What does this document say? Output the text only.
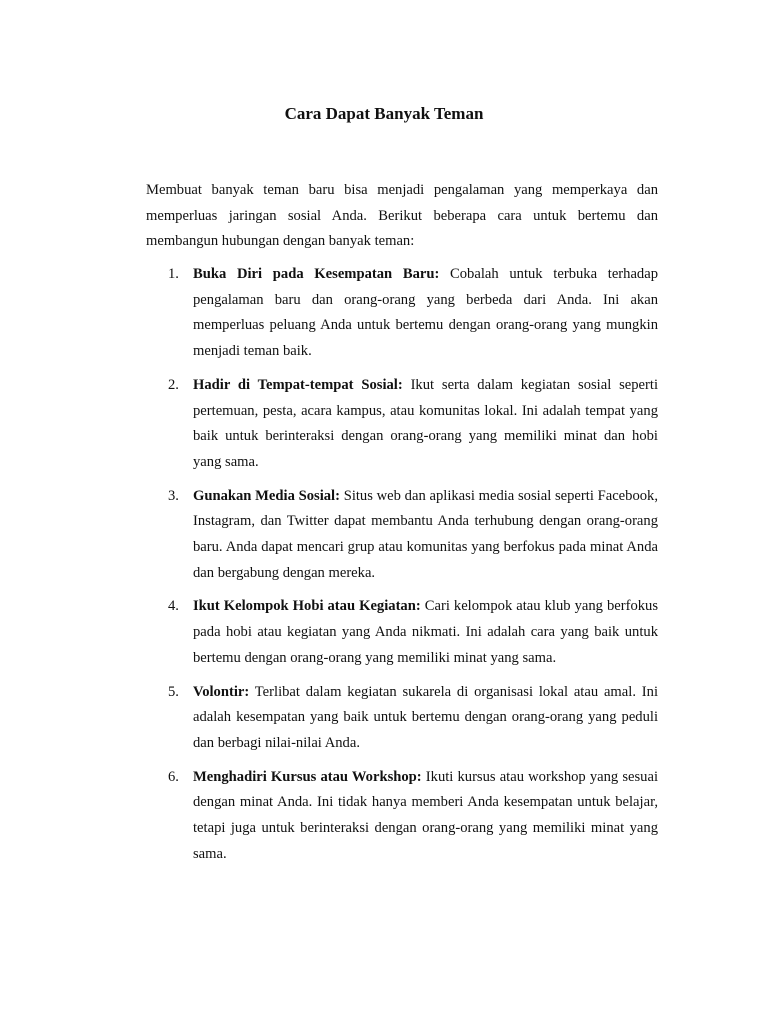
Cara Dapat Banyak Teman

Membuat banyak teman baru bisa menjadi pengalaman yang memperkaya dan memperluas jaringan sosial Anda. Berikut beberapa cara untuk bertemu dan membangun hubungan dengan banyak teman:

1. Buka Diri pada Kesempatan Baru: Cobalah untuk terbuka terhadap pengalaman baru dan orang-orang yang berbeda dari Anda. Ini akan memperluas peluang Anda untuk bertemu dengan orang-orang yang mungkin menjadi teman baik.
2. Hadir di Tempat-tempat Sosial: Ikut serta dalam kegiatan sosial seperti pertemuan, pesta, acara kampus, atau komunitas lokal. Ini adalah tempat yang baik untuk berinteraksi dengan orang-orang yang memiliki minat dan hobi yang sama.
3. Gunakan Media Sosial: Situs web dan aplikasi media sosial seperti Facebook, Instagram, dan Twitter dapat membantu Anda terhubung dengan orang-orang baru. Anda dapat mencari grup atau komunitas yang berfokus pada minat Anda dan bergabung dengan mereka.
4. Ikut Kelompok Hobi atau Kegiatan: Cari kelompok atau klub yang berfokus pada hobi atau kegiatan yang Anda nikmati. Ini adalah cara yang baik untuk bertemu dengan orang-orang yang memiliki minat yang sama.
5. Volontir: Terlibat dalam kegiatan sukarela di organisasi lokal atau amal. Ini adalah kesempatan yang baik untuk bertemu dengan orang-orang yang peduli dan berbagi nilai-nilai Anda.
6. Menghadiri Kursus atau Workshop: Ikuti kursus atau workshop yang sesuai dengan minat Anda. Ini tidak hanya memberi Anda kesempatan untuk belajar, tetapi juga untuk berinteraksi dengan orang-orang yang memiliki minat yang sama.
